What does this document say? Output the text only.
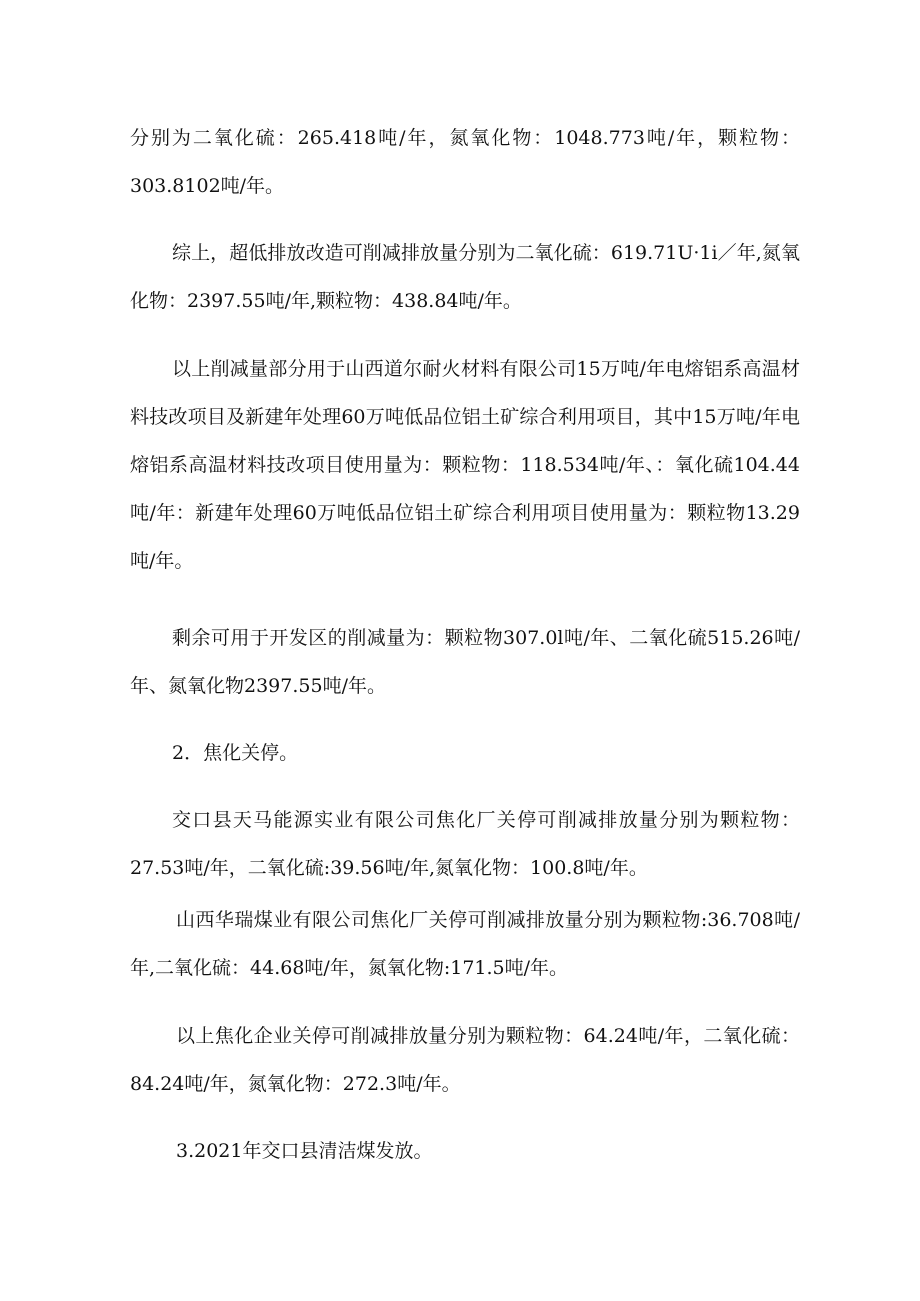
分别为二氧化硫：265.418吨/年，氮氧化物：1048.773吨/年，颗粒物：303.8102吨/年。

综上，超低排放改造可削减排放量分别为二氧化硫：619.71U·1i／年,氮氧化物：2397.55吨/年,颗粒物：438.84吨/年。

以上削减量部分用于山西道尔耐火材料有限公司15万吨/年电熔铝系高温材料技改项目及新建年处理60万吨低品位铝土矿综合利用项目，其中15万吨/年电熔铝系高温材料技改项目使用量为：颗粒物：118.534吨/年、：氧化硫104.44吨/年：新建年处理60万吨低品位铝土矿综合利用项目使用量为：颗粒物13.29吨/年。

剩余可用于开发区的削减量为：颗粒物307.0l吨/年、二氧化硫515.26吨/年、氮氧化物2397.55吨/年。

2．焦化关停。

交口县天马能源实业有限公司焦化厂关停可削减排放量分别为颗粒物：27.53吨/年，二氧化硫:39.56吨/年,氮氧化物：100.8吨/年。

山西华瑞煤业有限公司焦化厂关停可削减排放量分别为颗粒物:36.708吨/年,二氧化硫：44.68吨/年，氮氧化物:171.5吨/年。

以上焦化企业关停可削减排放量分别为颗粒物：64.24吨/年，二氧化硫：84.24吨/年，氮氧化物：272.3吨/年。

3.2021年交口县清洁煤发放。
